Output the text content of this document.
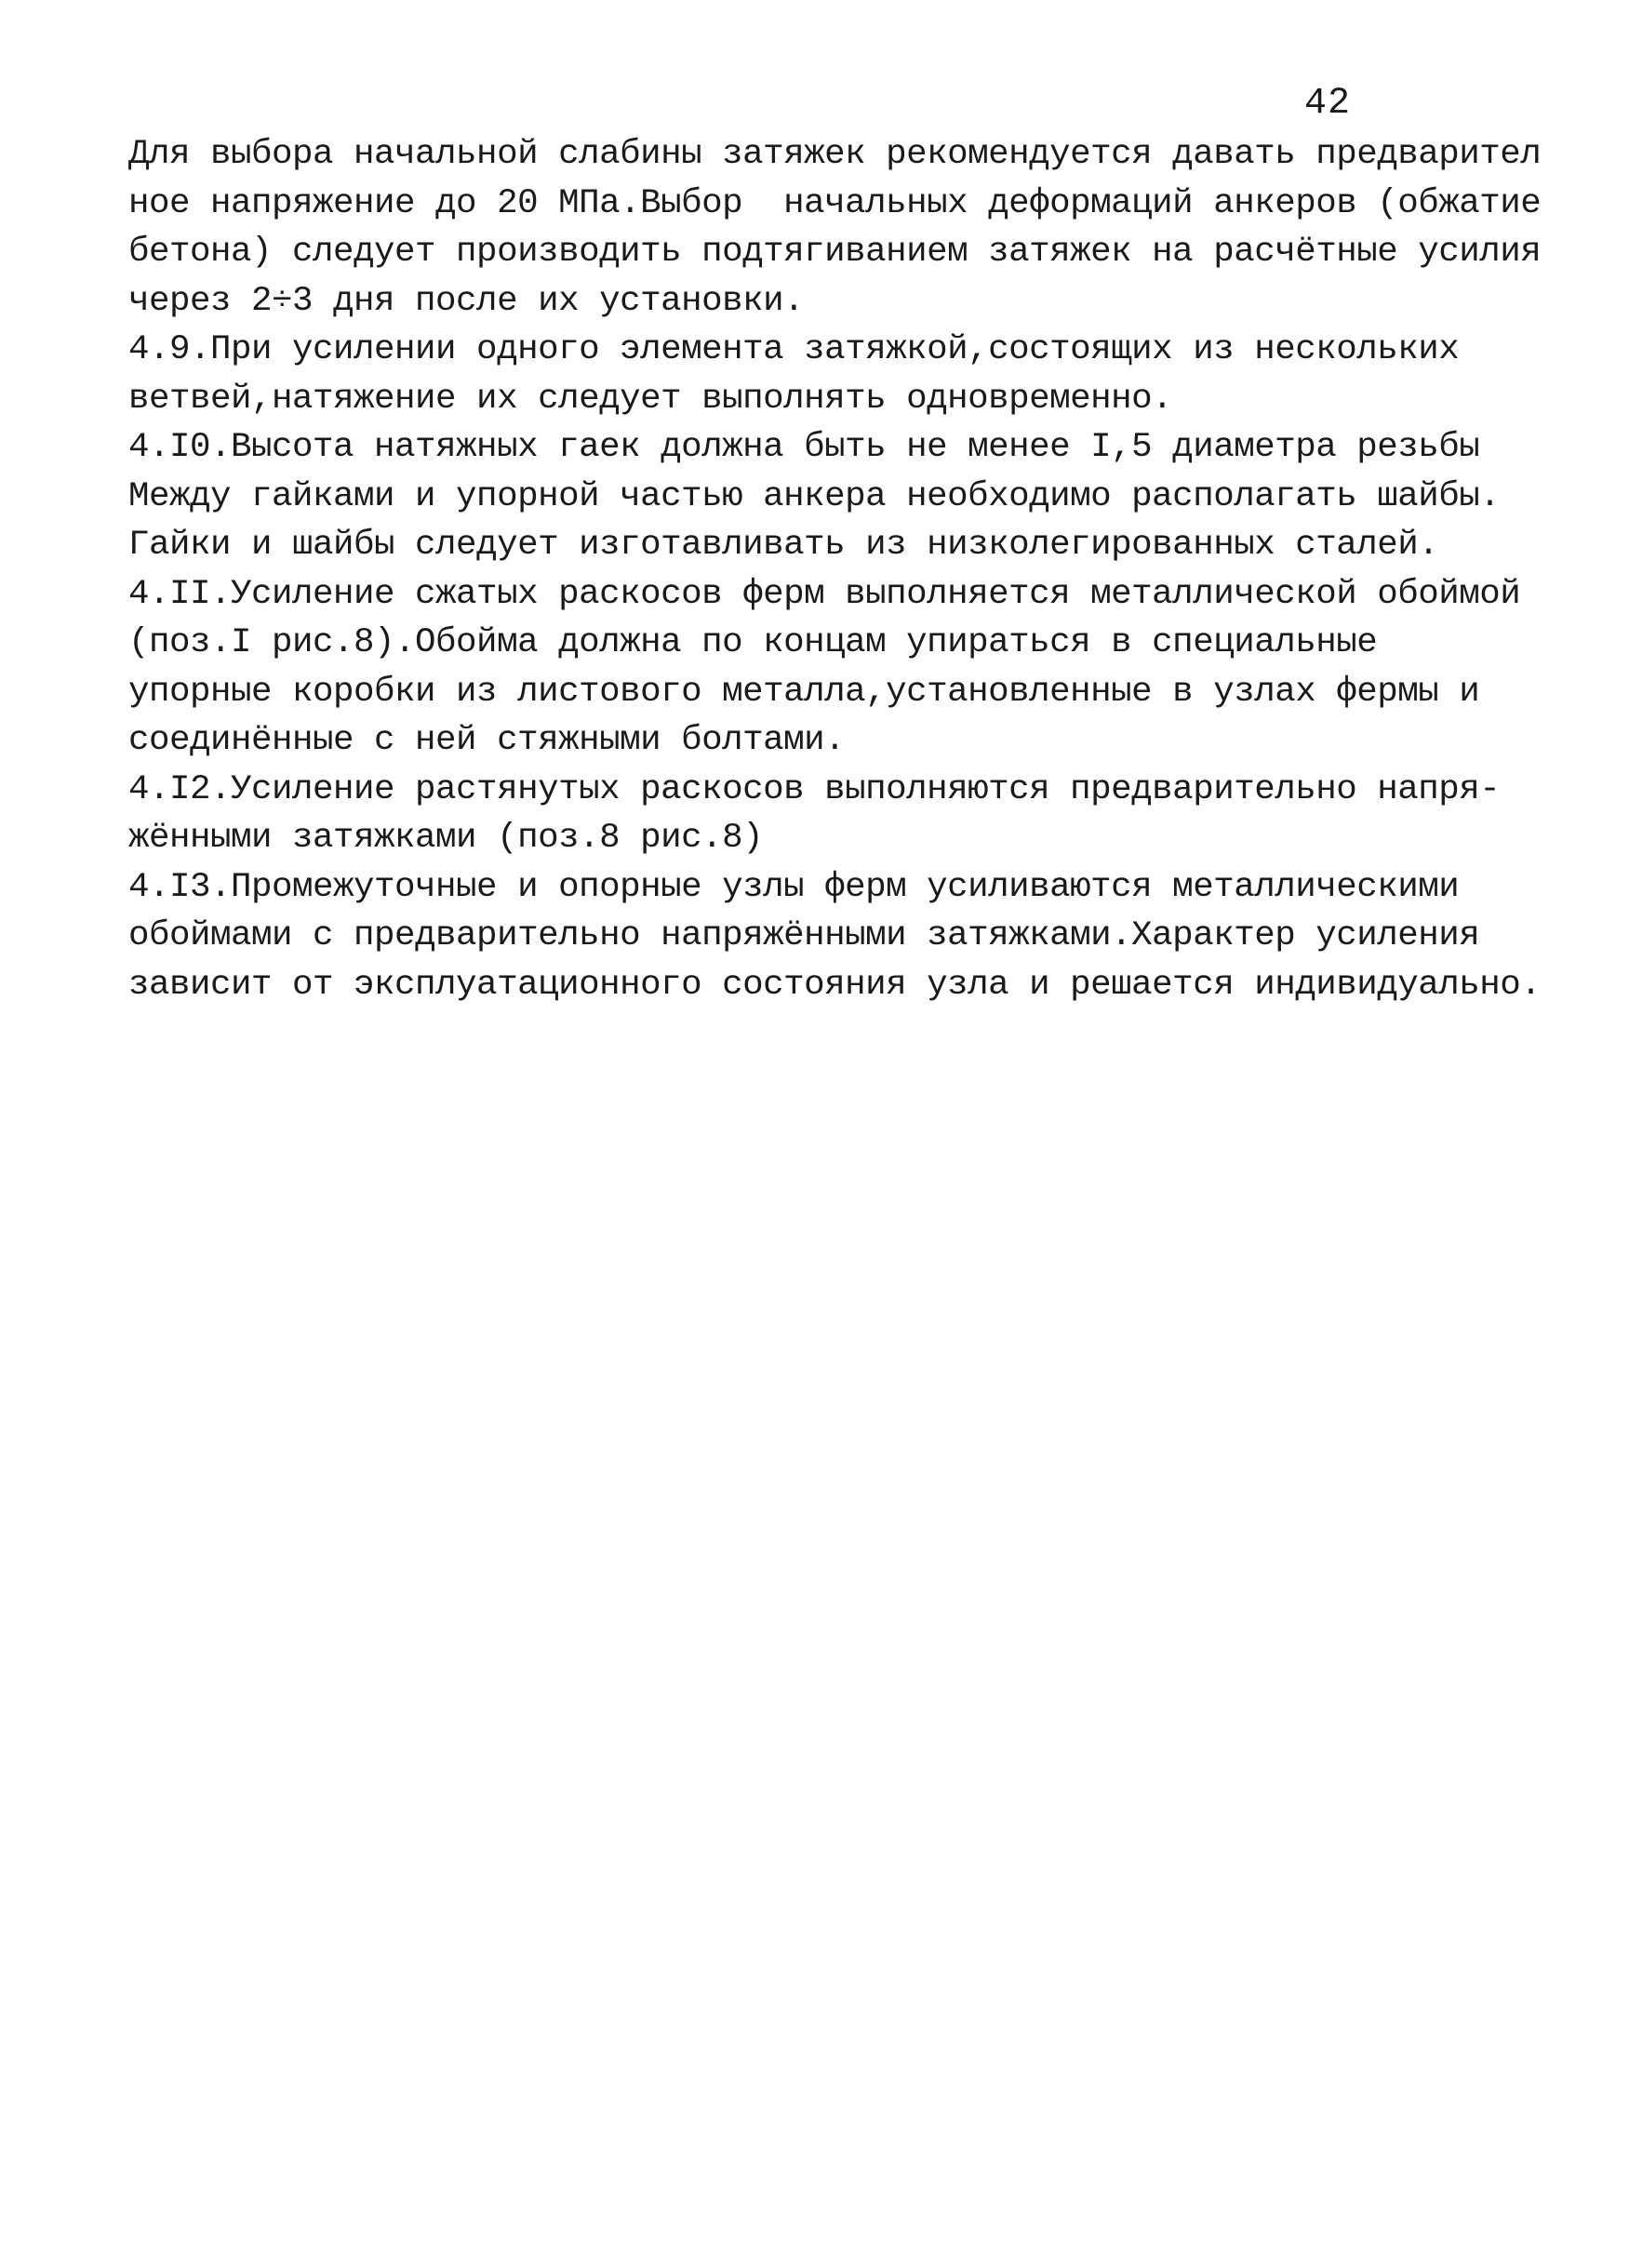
42
Для выбора начальной слабины затяжек рекомендуется давать предварител
ное напряжение до 20 МПа.Выбор  начальных деформаций анкеров (обжатие
бетона) следует производить подтягиванием затяжек на расчётные усилия
через 2÷3 дня после их установки.
4.9.При усилении одного элемента затяжкой,состоящих из нескольких
ветвей,натяжение их следует выполнять одновременно.
4.I0.Высота натяжных гаек должна быть не менее I,5 диаметра резьбы
Между гайками и упорной частью анкера необходимо располагать шайбы.
Гайки и шайбы следует изготавливать из низколегированных сталей.
4.II.Усиление сжатых раскосов ферм выполняется металлической обоймой
(поз.I рис.8).Обойма должна по концам упираться в специальные
упорные коробки из листового металла,установленные в узлах фермы и
соединённые с ней стяжными болтами.
4.I2.Усиление растянутых раскосов выполняются предварительно напря-
жёнными затяжками (поз.8 рис.8)
4.I3.Промежуточные и опорные узлы ферм усиливаются металлическими
обоймами с предварительно напряжёнными затяжками.Характер усиления
зависит от эксплуатационного состояния узла и решается индивидуально.
